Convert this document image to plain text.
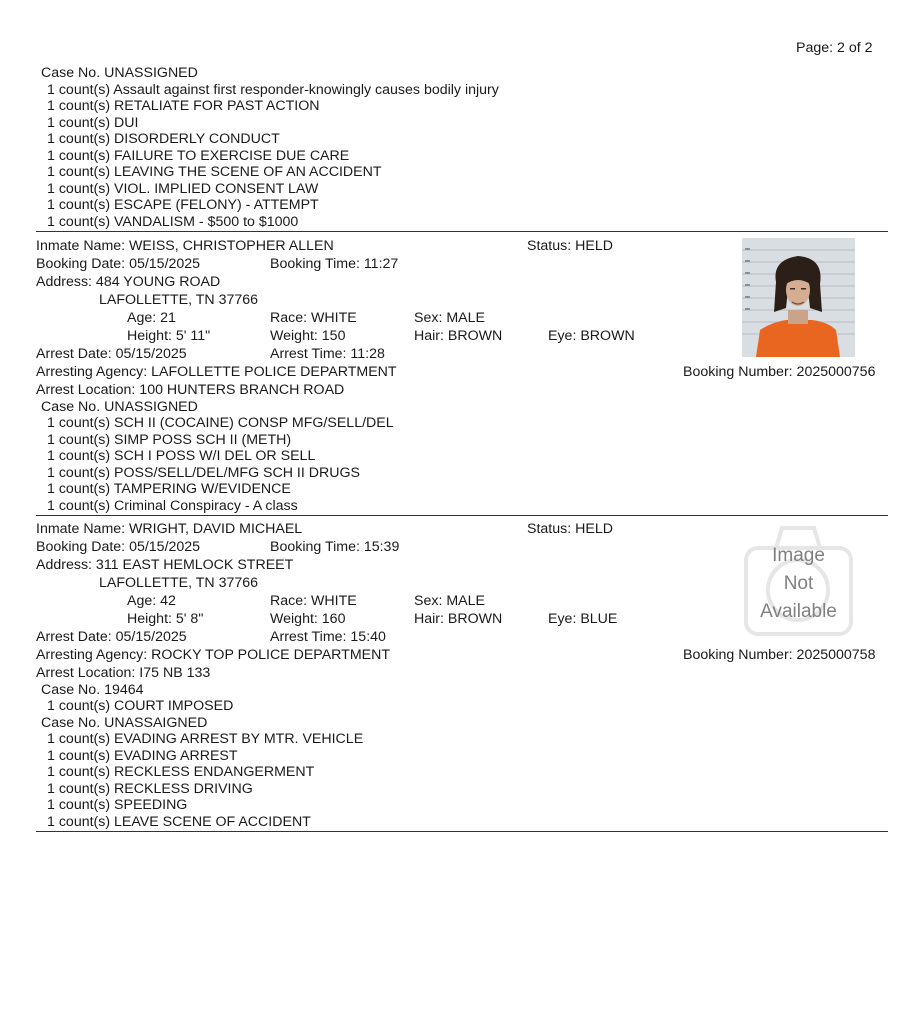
Page: 2 of 2
Case No. UNASSIGNED
1 count(s) Assault against first responder-knowingly causes bodily injury
1 count(s) RETALIATE FOR PAST ACTION
1 count(s) DUI
1 count(s) DISORDERLY CONDUCT
1 count(s) FAILURE TO EXERCISE DUE CARE
1 count(s) LEAVING THE SCENE OF AN ACCIDENT
1 count(s) VIOL. IMPLIED CONSENT LAW
1 count(s) ESCAPE (FELONY) - ATTEMPT
1 count(s) VANDALISM - $500 to $1000
Inmate Name: WEISS, CHRISTOPHER ALLEN	Status: HELD
Booking Date: 05/15/2025	Booking Time: 11:27
Address: 484 YOUNG ROAD
LAFOLLETTE, TN 37766
Age: 21	Race: WHITE	Sex: MALE
Height: 5' 11"	Weight: 150	Hair: BROWN	Eye: BROWN
Arrest Date: 05/15/2025	Arrest Time: 11:28
Arresting Agency: LAFOLLETTE POLICE DEPARTMENT	Booking Number: 2025000756
Arrest Location: 100 HUNTERS BRANCH ROAD
Case No. UNASSIGNED
1 count(s) SCH II (COCAINE) CONSP MFG/SELL/DEL
1 count(s) SIMP POSS SCH II (METH)
1 count(s) SCH I POSS W/I DEL OR SELL
1 count(s) POSS/SELL/DEL/MFG SCH II DRUGS
1 count(s) TAMPERING W/EVIDENCE
1 count(s) Criminal Conspiracy - A class
Inmate Name: WRIGHT, DAVID MICHAEL	Status: HELD
Booking Date: 05/15/2025	Booking Time: 15:39
Address: 311 EAST HEMLOCK STREET
LAFOLLETTE, TN 37766
Age: 42	Race: WHITE	Sex: MALE
Height: 5' 8"	Weight: 160	Hair: BROWN	Eye: BLUE
Arrest Date: 05/15/2025	Arrest Time: 15:40
Arresting Agency: ROCKY TOP POLICE DEPARTMENT	Booking Number: 2025000758
Arrest Location: I75 NB 133
Case No. 19464
1 count(s) COURT IMPOSED
Case No. UNASSAIGNED
1 count(s) EVADING ARREST BY MTR. VEHICLE
1 count(s) EVADING ARREST
1 count(s) RECKLESS ENDANGERMENT
1 count(s) RECKLESS DRIVING
1 count(s) SPEEDING
1 count(s) LEAVE SCENE OF ACCIDENT
Image
Not
Available
